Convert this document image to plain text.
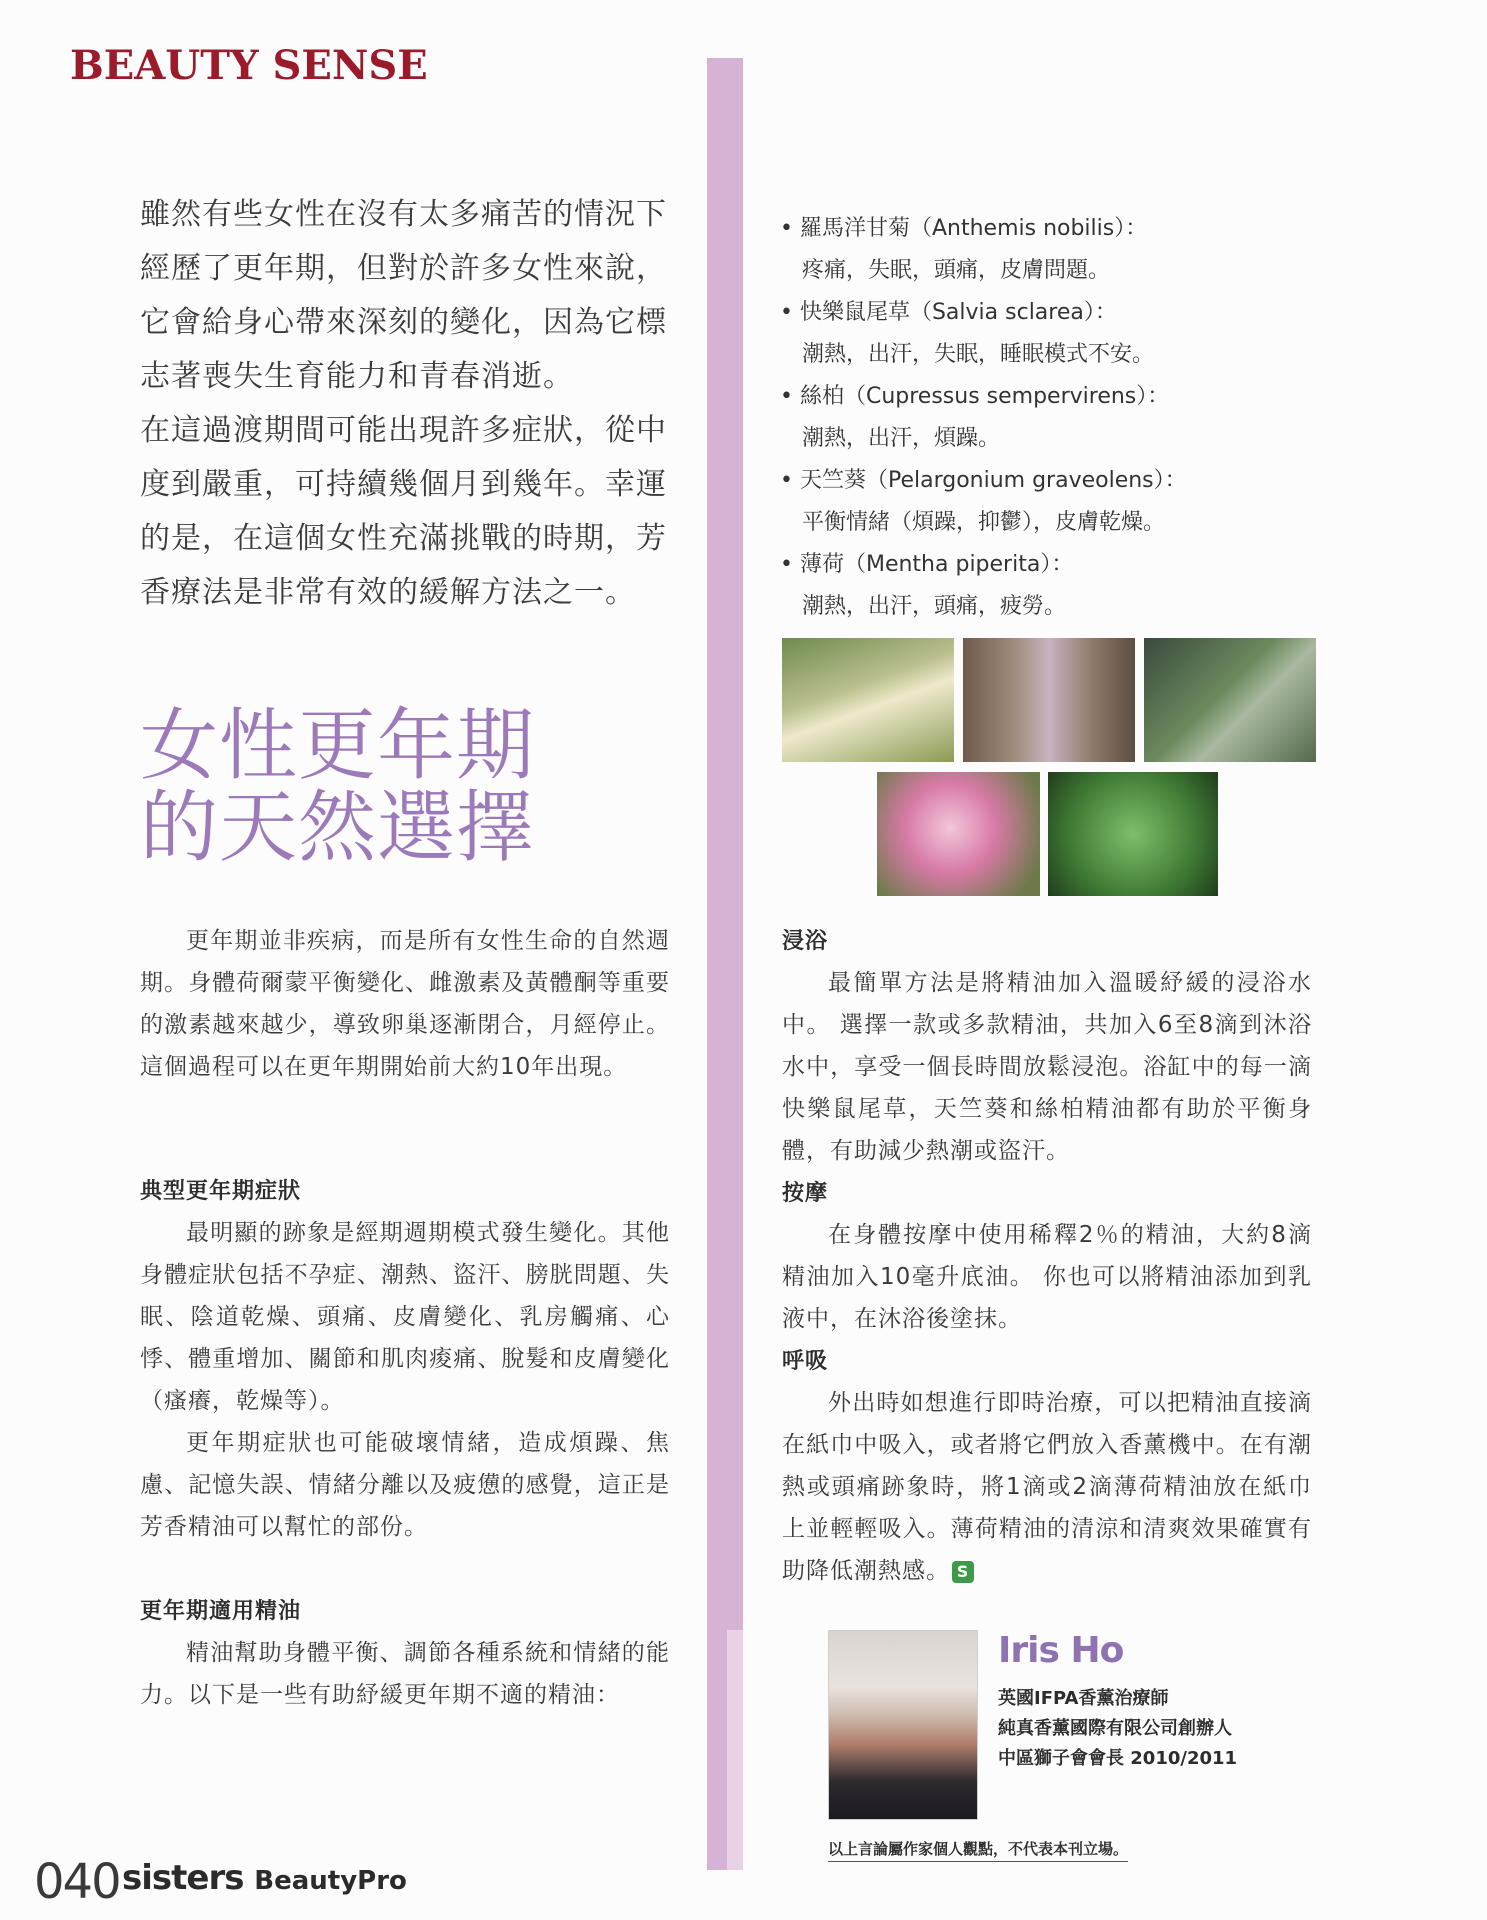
BEAUTY SENSE

雖然有些女性在沒有太多痛苦的情況下經歷了更年期，但對於許多女性來說，它會給身心帶來深刻的變化，因為它標志著喪失生育能力和青春消逝。

在這過渡期間可能出現許多症狀，從中度到嚴重，可持續幾個月到幾年。幸運的是，在這個女性充滿挑戰的時期，芳香療法是非常有效的緩解方法之一。

女性更年期
的天然選擇

更年期並非疾病，而是所有女性生命的自然週期。身體荷爾蒙平衡變化、雌激素及黃體酮等重要的激素越來越少，導致卵巢逐漸閉合，月經停止。這個過程可以在更年期開始前大約10年出現。

典型更年期症狀

最明顯的跡象是經期週期模式發生變化。其他身體症狀包括不孕症、潮熱、盜汗、膀胱問題、失眠、陰道乾燥、頭痛、皮膚變化、乳房觸痛、心悸、體重增加、關節和肌肉痠痛、脫髮和皮膚變化（瘙癢，乾燥等）。

更年期症狀也可能破壞情緒，造成煩躁、焦慮、記憶失誤、情緒分離以及疲憊的感覺，這正是芳香精油可以幫忙的部份。

更年期適用精油

精油幫助身體平衡、調節各種系統和情緒的能力。以下是一些有助紓緩更年期不適的精油：

• 羅馬洋甘菊（Anthemis nobilis）：
疼痛，失眠，頭痛，皮膚問題。
• 快樂鼠尾草（Salvia sclarea）：
潮熱，出汗，失眠，睡眠模式不安。
• 絲柏（Cupressus sempervirens）：
潮熱，出汗，煩躁。
• 天竺葵（Pelargonium graveolens）：
平衡情緒（煩躁，抑鬱），皮膚乾燥。
• 薄荷（Mentha piperita）：
潮熱，出汗，頭痛，疲勞。
浸浴

最簡單方法是將精油加入溫暖紓緩的浸浴水中。 選擇一款或多款精油，共加入6至8滴到沐浴水中，享受一個長時間放鬆浸泡。浴缸中的每一滴快樂鼠尾草，天竺葵和絲柏精油都有助於平衡身體，有助減少熱潮或盜汗。

按摩

在身體按摩中使用稀釋2％的精油，大約8滴精油加入10毫升底油。 你也可以將精油添加到乳液中，在沐浴後塗抹。

呼吸

外出時如想進行即時治療，可以把精油直接滴在紙巾中吸入，或者將它們放入香薰機中。在有潮熱或頭痛跡象時，將1滴或2滴薄荷精油放在紙巾上並輕輕吸入。薄荷精油的清涼和清爽效果確實有助降低潮熱感。 S

Iris Ho
英國IFPA香薰治療師
純真香薰國際有限公司創辦人
中區獅子會會長 2010/2011
以上言論屬作家個人觀點，不代表本刊立場。
040 sisters BeautyPro
